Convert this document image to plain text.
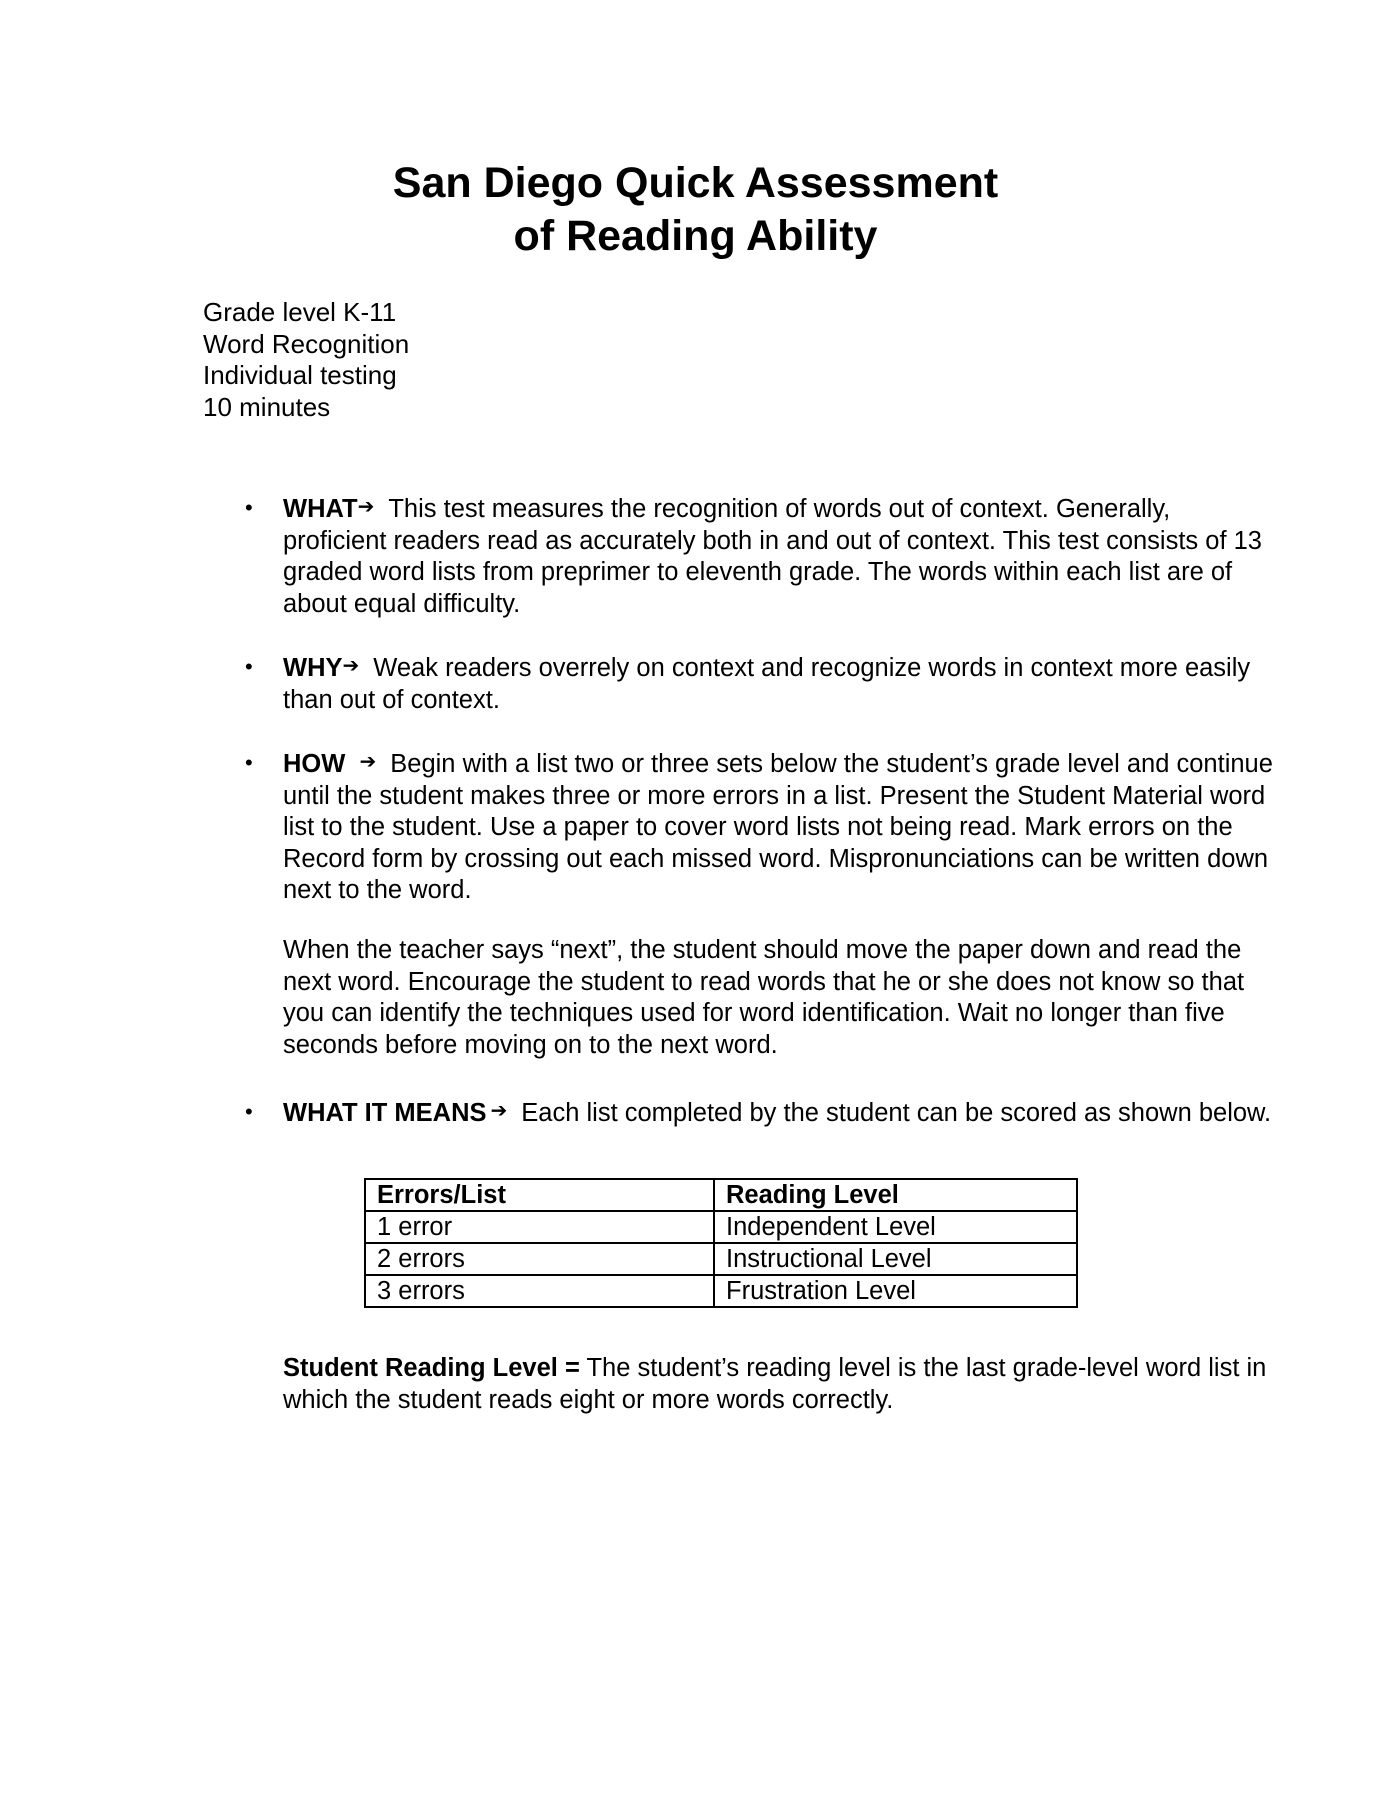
San Diego Quick Assessment
of Reading Ability
Grade level K-11
Word Recognition
Individual testing
10 minutes
• WHAT➔ This test measures the recognition of words out of context. Generally, proficient readers read as accurately both in and out of context. This test consists of 13 graded word lists from preprimer to eleventh grade. The words within each list are of about equal difficulty.

• WHY➔ Weak readers overrely on context and recognize words in context more easily than out of context.

• HOW ➔ Begin with a list two or three sets below the student’s grade level and continue until the student makes three or more errors in a list. Present the Student Material word list to the student. Use a paper to cover word lists not being read. Mark errors on the Record form by crossing out each missed word. Mispronunciations can be written down next to the word.

When the teacher says “next”, the student should move the paper down and read the next word. Encourage the student to read words that he or she does not know so that you can identify the techniques used for word identification. Wait no longer than five seconds before moving on to the next word.

• WHAT IT MEANS ➔ Each list completed by the student can be scored as shown below.

Errors/List	Reading Level
1 error	Independent Level
2 errors	Instructional Level
3 errors	Frustration Level

Student Reading Level = The student’s reading level is the last grade-level word list in which the student reads eight or more words correctly.
